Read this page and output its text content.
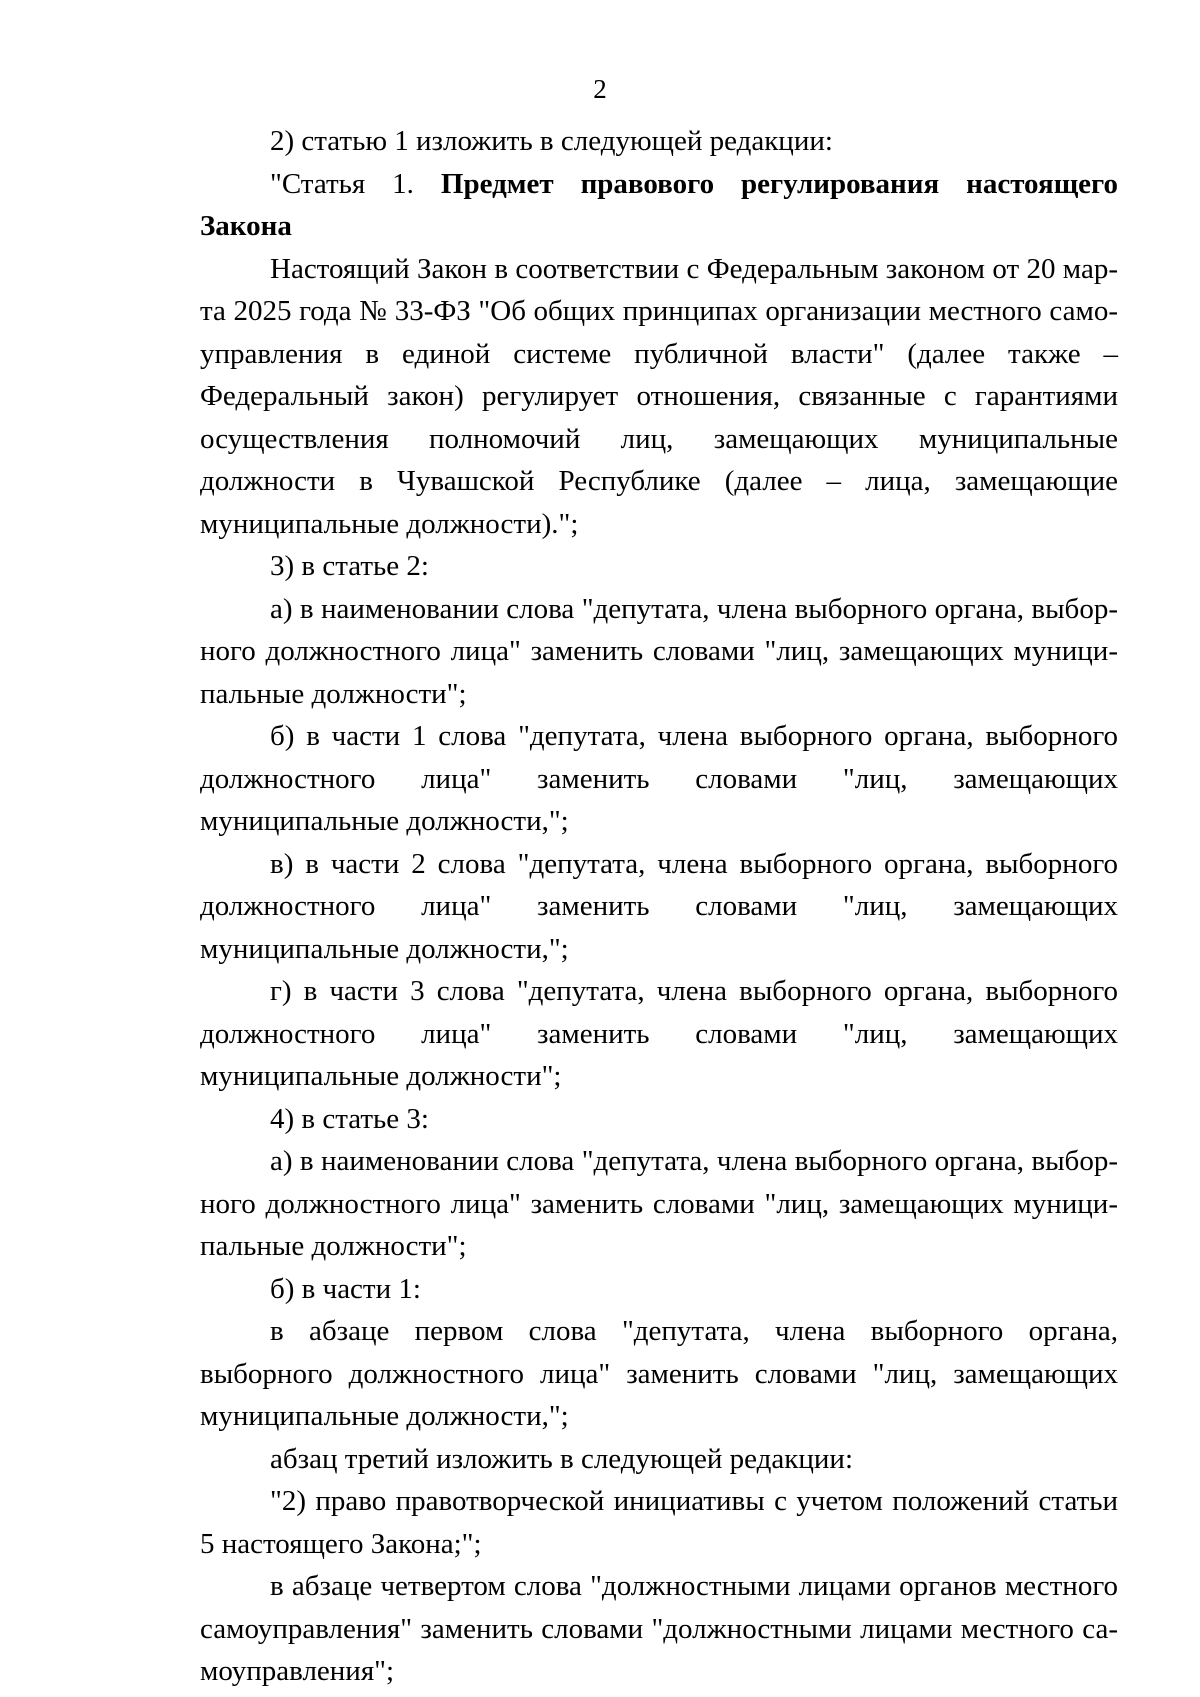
2

2) статью 1 изложить в следующей редакции:

"Статья 1. Предмет правового регулирования настоящего Закона

Настоящий Закон в соответствии с Федеральным законом от 20 марта 2025 года № 33-ФЗ "Об общих принципах организации местного самоуправления в единой системе публичной власти" (далее также – Федеральный закон) регулирует отношения, связанные с гарантиями осуществления полномочий лиц, замещающих муниципальные должности в Чувашской Республике (далее – лица, замещающие муниципальные должности).";

3) в статье 2:

а) в наименовании слова "депутата, члена выборного органа, выборного должностного лица" заменить словами "лиц, замещающих муниципальные должности";

б) в части 1 слова "депутата, члена выборного органа, выборного должностного лица" заменить словами "лиц, замещающих муниципальные должности,";

в) в части 2 слова "депутата, члена выборного органа, выборного должностного лица" заменить словами "лиц, замещающих муниципальные должности,";

г) в части 3 слова "депутата, члена выборного органа, выборного должностного лица" заменить словами "лиц, замещающих муниципальные должности";

4) в статье 3:

а) в наименовании слова "депутата, члена выборного органа, выборного должностного лица" заменить словами "лиц, замещающих муниципальные должности";

б) в части 1:

в абзаце первом слова "депутата, члена выборного органа, выборного должностного лица" заменить словами "лиц, замещающих муниципальные должности,";

абзац третий изложить в следующей редакции:

"2) право правотворческой инициативы с учетом положений статьи 5 настоящего Закона;";

в абзаце четвертом слова "должностными лицами органов местного самоуправления" заменить словами "должностными лицами местного самоуправления";
